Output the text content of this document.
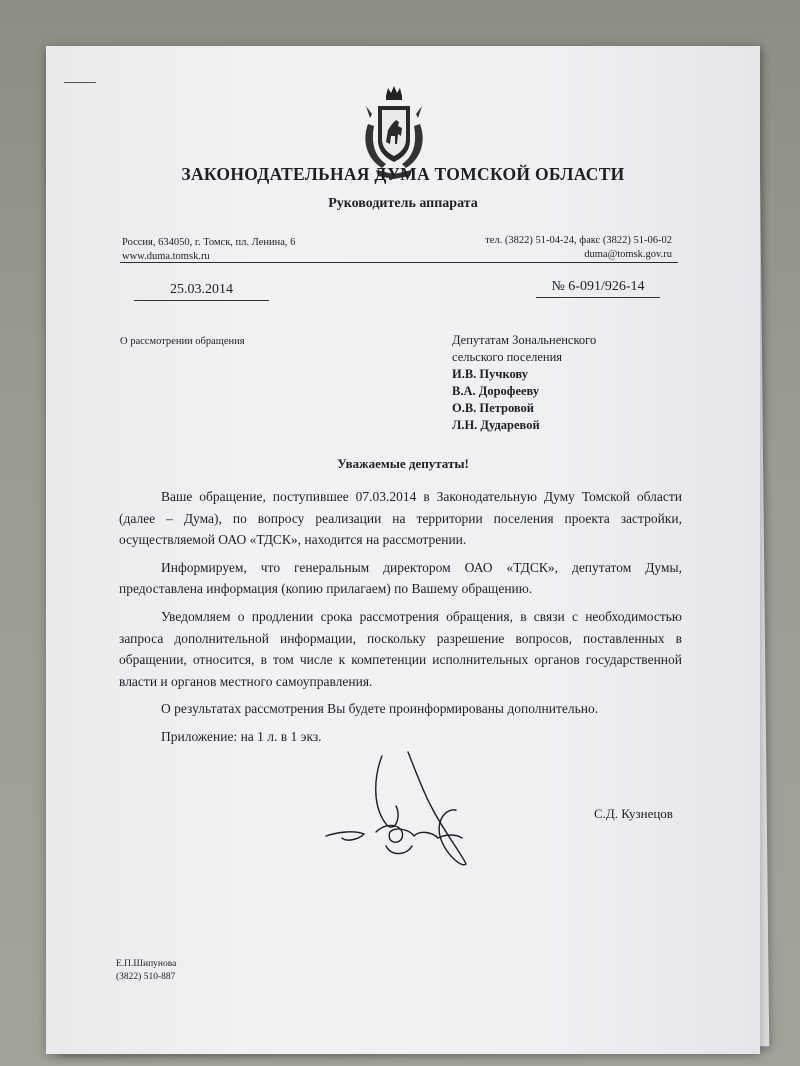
ЗАКОНОДАТЕЛЬНАЯ ДУМА ТОМСКОЙ ОБЛАСТИ
Руководитель аппарата
Россия, 634050, г. Томск, пл. Ленина, 6
www.duma.tomsk.ru
тел. (3822) 51-04-24, факс (3822) 51-06-02
duma@tomsk.gov.ru
25.03.2014	№ 6-091/926-14
О рассмотрении обращения	Депутатам Зональненского
сельского поселения
И.В. Пучкову
В.А. Дорофееву
О.В. Петровой
Л.Н. Дударевой
Уважаемые депутаты!

Ваше обращение, поступившее 07.03.2014 в Законодательную Думу Томской области (далее – Дума), по вопросу реализации на территории поселения проекта застройки, осуществляемой ОАО «ТДСК», находится на рассмотрении.

Информируем, что генеральным директором ОАО «ТДСК», депутатом Думы, предоставлена информация (копию прилагаем) по Вашему обращению.

Уведомляем о продлении срока рассмотрения обращения, в связи с необходимостью запроса дополнительной информации, поскольку разрешение вопросов, поставленных в обращении, относится, в том числе к компетенции исполнительных органов государственной власти и органов местного самоуправления.

О результатах рассмотрения Вы будете проинформированы дополнительно.

Приложение: на 1 л. в 1 экз.

С.Д. Кузнецов
Е.П.Шипунова
(3822) 510-887
